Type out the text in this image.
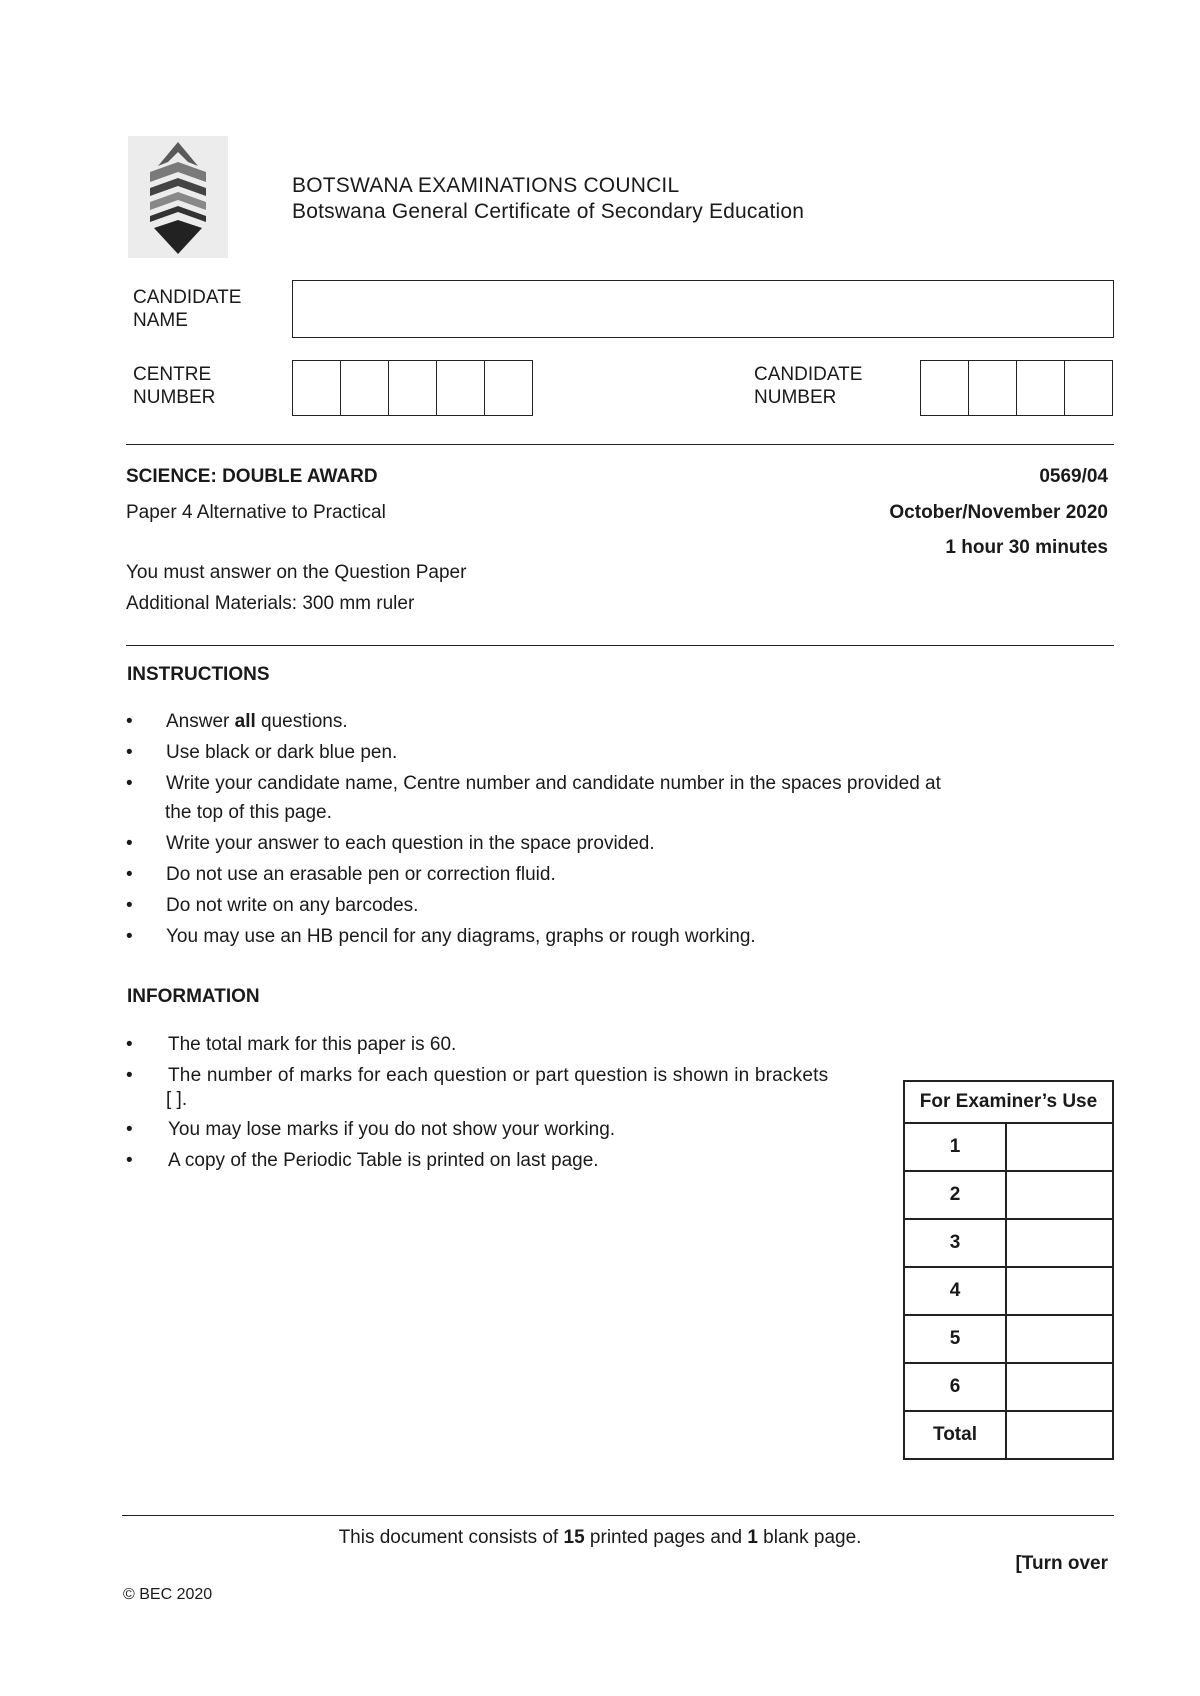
BOTSWANA EXAMINATIONS COUNCIL
Botswana General Certificate of Secondary Education
CANDIDATE
NAME
CENTRE
NUMBER
CANDIDATE
NUMBER
SCIENCE: DOUBLE AWARD	0569/04
Paper 4 Alternative to Practical	October/November 2020
1 hour 30 minutes
You must answer on the Question Paper
Additional Materials: 300 mm ruler
INSTRUCTIONS
•	Answer all questions.
•	Use black or dark blue pen.
•	Write your candidate name, Centre number and candidate number in the spaces provided at
the top of this page.
•	Write your answer to each question in the space provided.
•	Do not use an erasable pen or correction fluid.
•	Do not write on any barcodes.
•	You may use an HB pencil for any diagrams, graphs or rough working.
INFORMATION
•	The total mark for this paper is 60.
•	The number of marks for each question or part question is shown in brackets
[ ].
•	You may lose marks if you do not show your working.
•	A copy of the Periodic Table is printed on last page.
For Examiner’s Use	
1	
2	
3	
4	
5	
6	
Total	
This document consists of 15 printed pages and 1 blank page.
[Turn over
© BEC 2020
